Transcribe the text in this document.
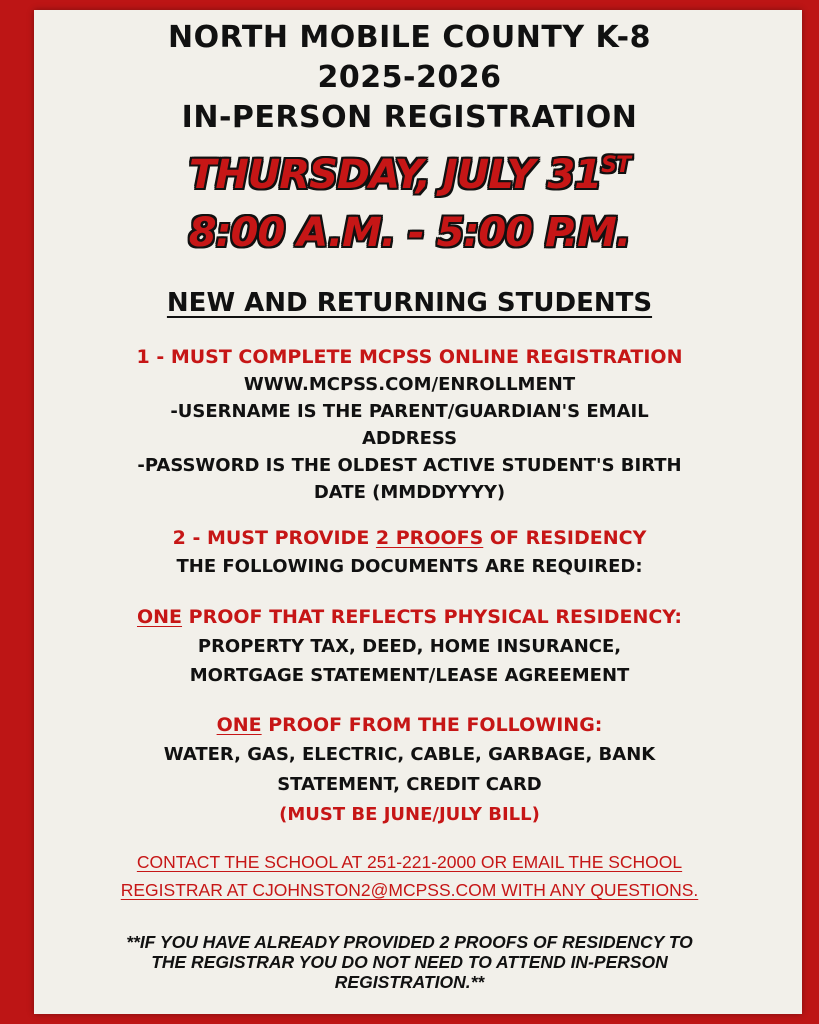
NORTH MOBILE COUNTY K-8
2025-2026
IN-PERSON REGISTRATION
THURSDAY, JULY 31ST
8:00 A.M. - 5:00 P.M.
NEW AND RETURNING STUDENTS
1 - MUST COMPLETE MCPSS ONLINE REGISTRATION
WWW.MCPSS.COM/ENROLLMENT
-USERNAME IS THE PARENT/GUARDIAN'S EMAIL
ADDRESS
-PASSWORD IS THE OLDEST ACTIVE STUDENT'S BIRTH
DATE (MMDDYYYY)
2 - MUST PROVIDE 2 PROOFS OF RESIDENCY
THE FOLLOWING DOCUMENTS ARE REQUIRED:
ONE PROOF THAT REFLECTS PHYSICAL RESIDENCY:
PROPERTY TAX, DEED, HOME INSURANCE,
MORTGAGE STATEMENT/LEASE AGREEMENT
ONE PROOF FROM THE FOLLOWING:
WATER, GAS, ELECTRIC, CABLE, GARBAGE, BANK
STATEMENT, CREDIT CARD
(MUST BE JUNE/JULY BILL)
CONTACT THE SCHOOL AT 251-221-2000 OR EMAIL THE SCHOOL
REGISTRAR AT CJOHNSTON2@MCPSS.COM WITH ANY QUESTIONS.
**IF YOU HAVE ALREADY PROVIDED 2 PROOFS OF RESIDENCY TO
THE REGISTRAR YOU DO NOT NEED TO ATTEND IN-PERSON
REGISTRATION.**
